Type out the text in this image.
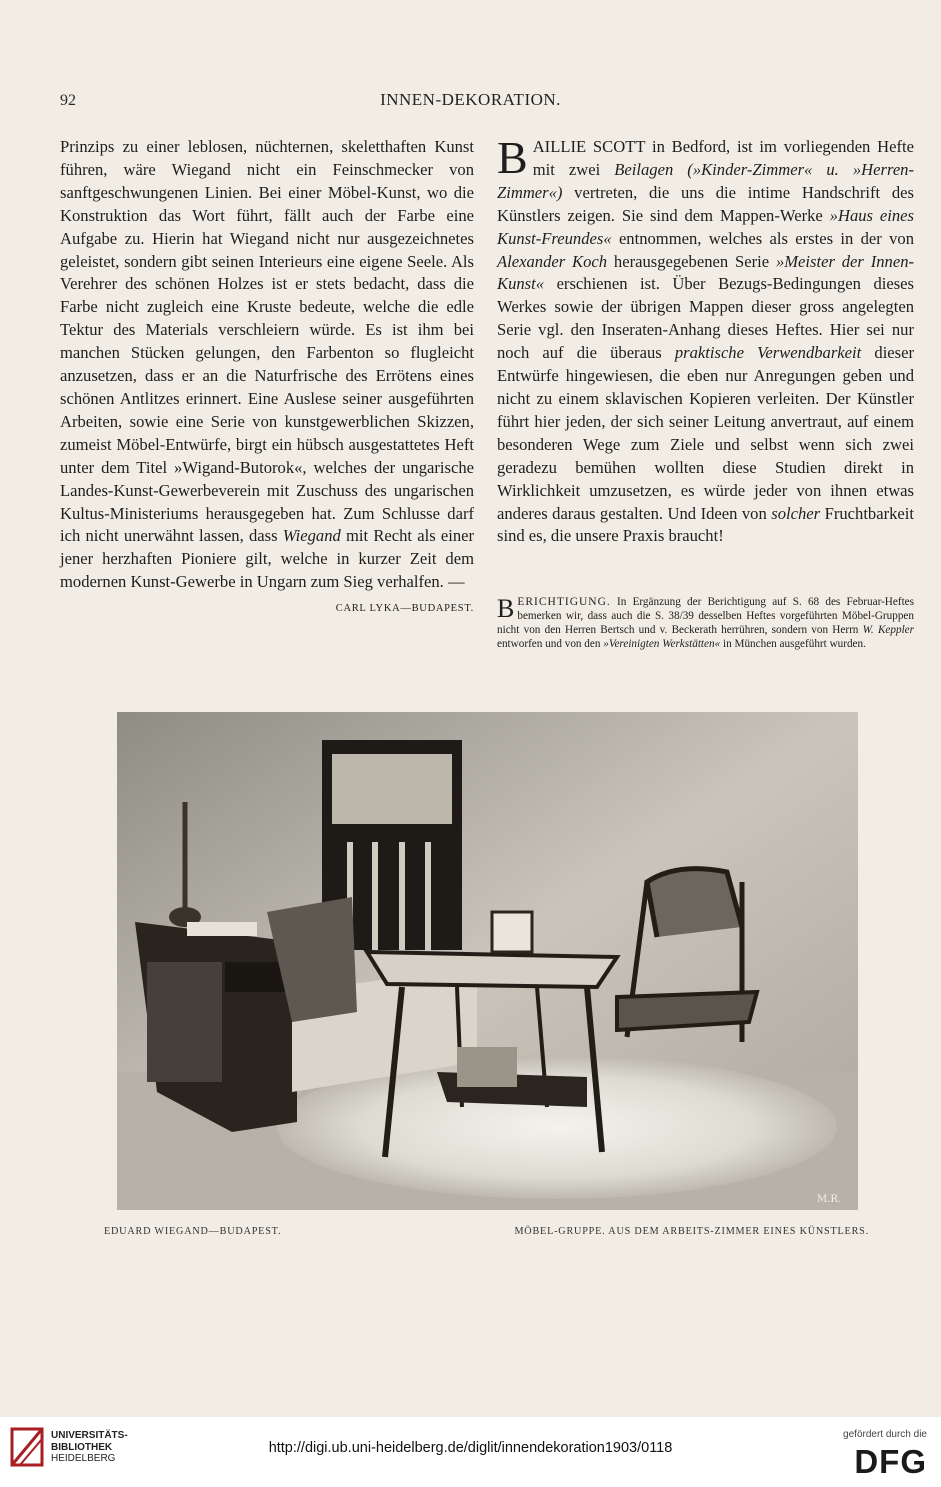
92	INNEN-DEKORATION.

Prinzips zu einer leblosen, nüchternen, skeletthaften Kunst führen, wäre Wiegand nicht ein Feinschmecker von sanftgeschwungenen Linien. Bei einer Möbel-Kunst, wo die Konstruktion das Wort führt, fällt auch der Farbe eine Aufgabe zu. Hierin hat Wiegand nicht nur ausgezeichnetes geleistet, sondern gibt seinen Interieurs eine eigene Seele. Als Verehrer des schönen Holzes ist er stets bedacht, dass die Farbe nicht zugleich eine Kruste bedeute, welche die edle Tektur des Materials verschleiern würde. Es ist ihm bei manchen Stücken gelungen, den Farbenton so flugleicht anzusetzen, dass er an die Naturfrische des Errötens eines schönen Antlitzes erinnert. Eine Auslese seiner ausgeführten Arbeiten, sowie eine Serie von kunstgewerblichen Skizzen, zumeist Möbel-Entwürfe, birgt ein hübsch ausgestattetes Heft unter dem Titel »Wigand-Butorok«, welches der ungarische Landes-Kunst-Gewerbeverein mit Zuschuss des ungarischen Kultus-Ministeriums herausgegeben hat. Zum Schlusse darf ich nicht unerwähnt lassen, dass Wiegand mit Recht als einer jener herzhaften Pioniere gilt, welche in kurzer Zeit dem modernen Kunst-Gewerbe in Ungarn zum Sieg verhalfen. —
CARL LYKA—BUDAPEST.

BAILLIE SCOTT in Bedford, ist im vorliegenden Hefte mit zwei Beilagen (»Kinder-Zimmer« u. »Herren-Zimmer«) vertreten, die uns die intime Handschrift des Künstlers zeigen. Sie sind dem Mappen-Werke »Haus eines Kunst-Freundes« entnommen, welches als erstes in der von Alexander Koch herausgegebenen Serie »Meister der Innen-Kunst« erschienen ist. Über Bezugs-Bedingungen dieses Werkes sowie der übrigen Mappen dieser gross angelegten Serie vgl. den Inseraten-Anhang dieses Heftes. Hier sei nur noch auf die überaus praktische Verwendbarkeit dieser Entwürfe hingewiesen, die eben nur Anregungen geben und nicht zu einem sklavischen Kopieren verleiten. Der Künstler führt hier jeden, der sich seiner Leitung anvertraut, auf einem besonderen Wege zum Ziele und selbst wenn sich zwei geradezu bemühen wollten diese Studien direkt in Wirklichkeit umzusetzen, es würde jeder von ihnen etwas anderes daraus gestalten. Und Ideen von solcher Fruchtbarkeit sind es, die unsere Praxis braucht!

BERICHTIGUNG. In Ergänzung der Berichtigung auf S. 68 des Februar-Heftes bemerken wir, dass auch die S. 38/39 desselben Heftes vorgeführten Möbel-Gruppen nicht von den Herren Bertsch und v. Beckerath herrühren, sondern von Herrn W. Keppler entworfen und von den »Vereinigten Werkstätten« in München ausgeführt wurden.
M.R.
EDUARD WIEGAND—BUDAPEST.	MÖBEL-GRUPPE. AUS DEM ARBEITS-ZIMMER EINES KÜNSTLERS.
UNIVERSITÄTS-
BIBLIOTHEK
HEIDELBERG
http://digi.ub.uni-heidelberg.de/diglit/innendekoration1903/0118
gefördert durch die
DFG
